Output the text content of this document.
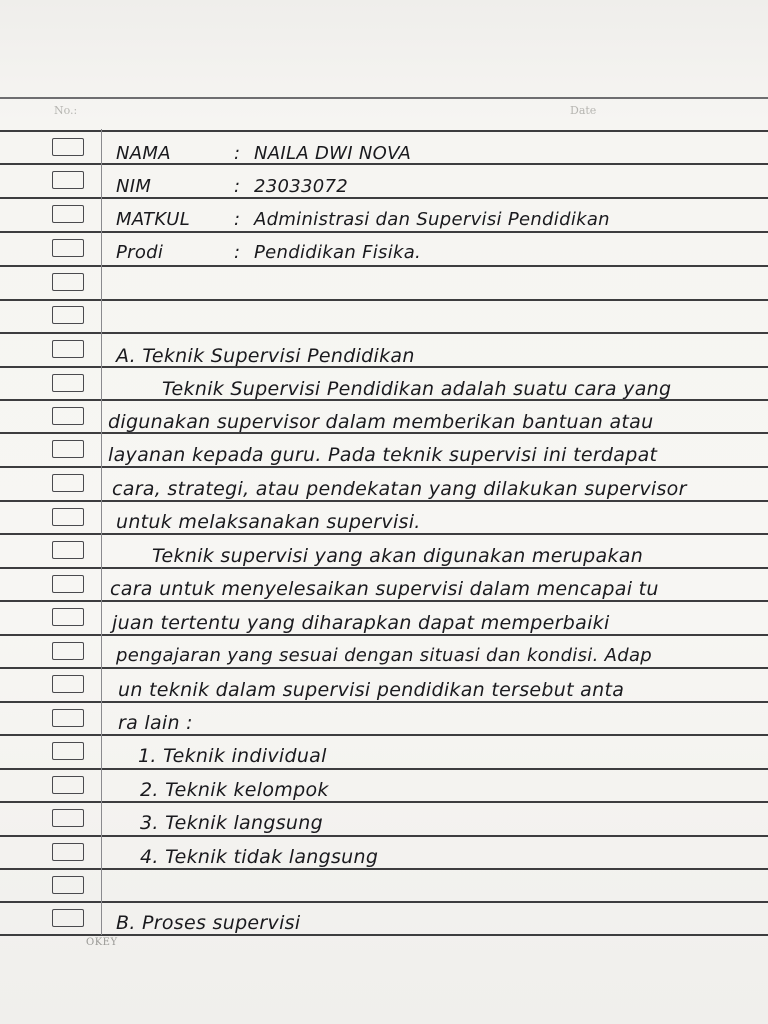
No.:	Date
NAMA	: NAILA DWI NOVA
NIM	: 23033072
MATKUL : Administrasi dan Supervisi Pendidikan
Prodi	: Pendidikan Fisika.
A. Teknik Supervisi Pendidikan
Teknik Supervisi Pendidikan adalah suatu cara yang
digunakan supervisor dalam memberikan bantuan atau
layanan kepada guru. Pada teknik supervisi ini terdapat
cara, strategi, atau pendekatan yang dilakukan supervisor
untuk melaksanakan supervisi.
Teknik supervisi yang akan digunakan merupakan
cara untuk menyelesaikan supervisi dalam mencapai tu
juan tertentu yang diharapkan dapat memperbaiki
pengajaran yang sesuai dengan situasi dan kondisi. Adap
un teknik dalam supervisi pendidikan tersebut anta
ra lain :
1. Teknik individual
2. Teknik kelompok
3. Teknik langsung
4. Teknik tidak langsung
B. Proses supervisi
OKEY
